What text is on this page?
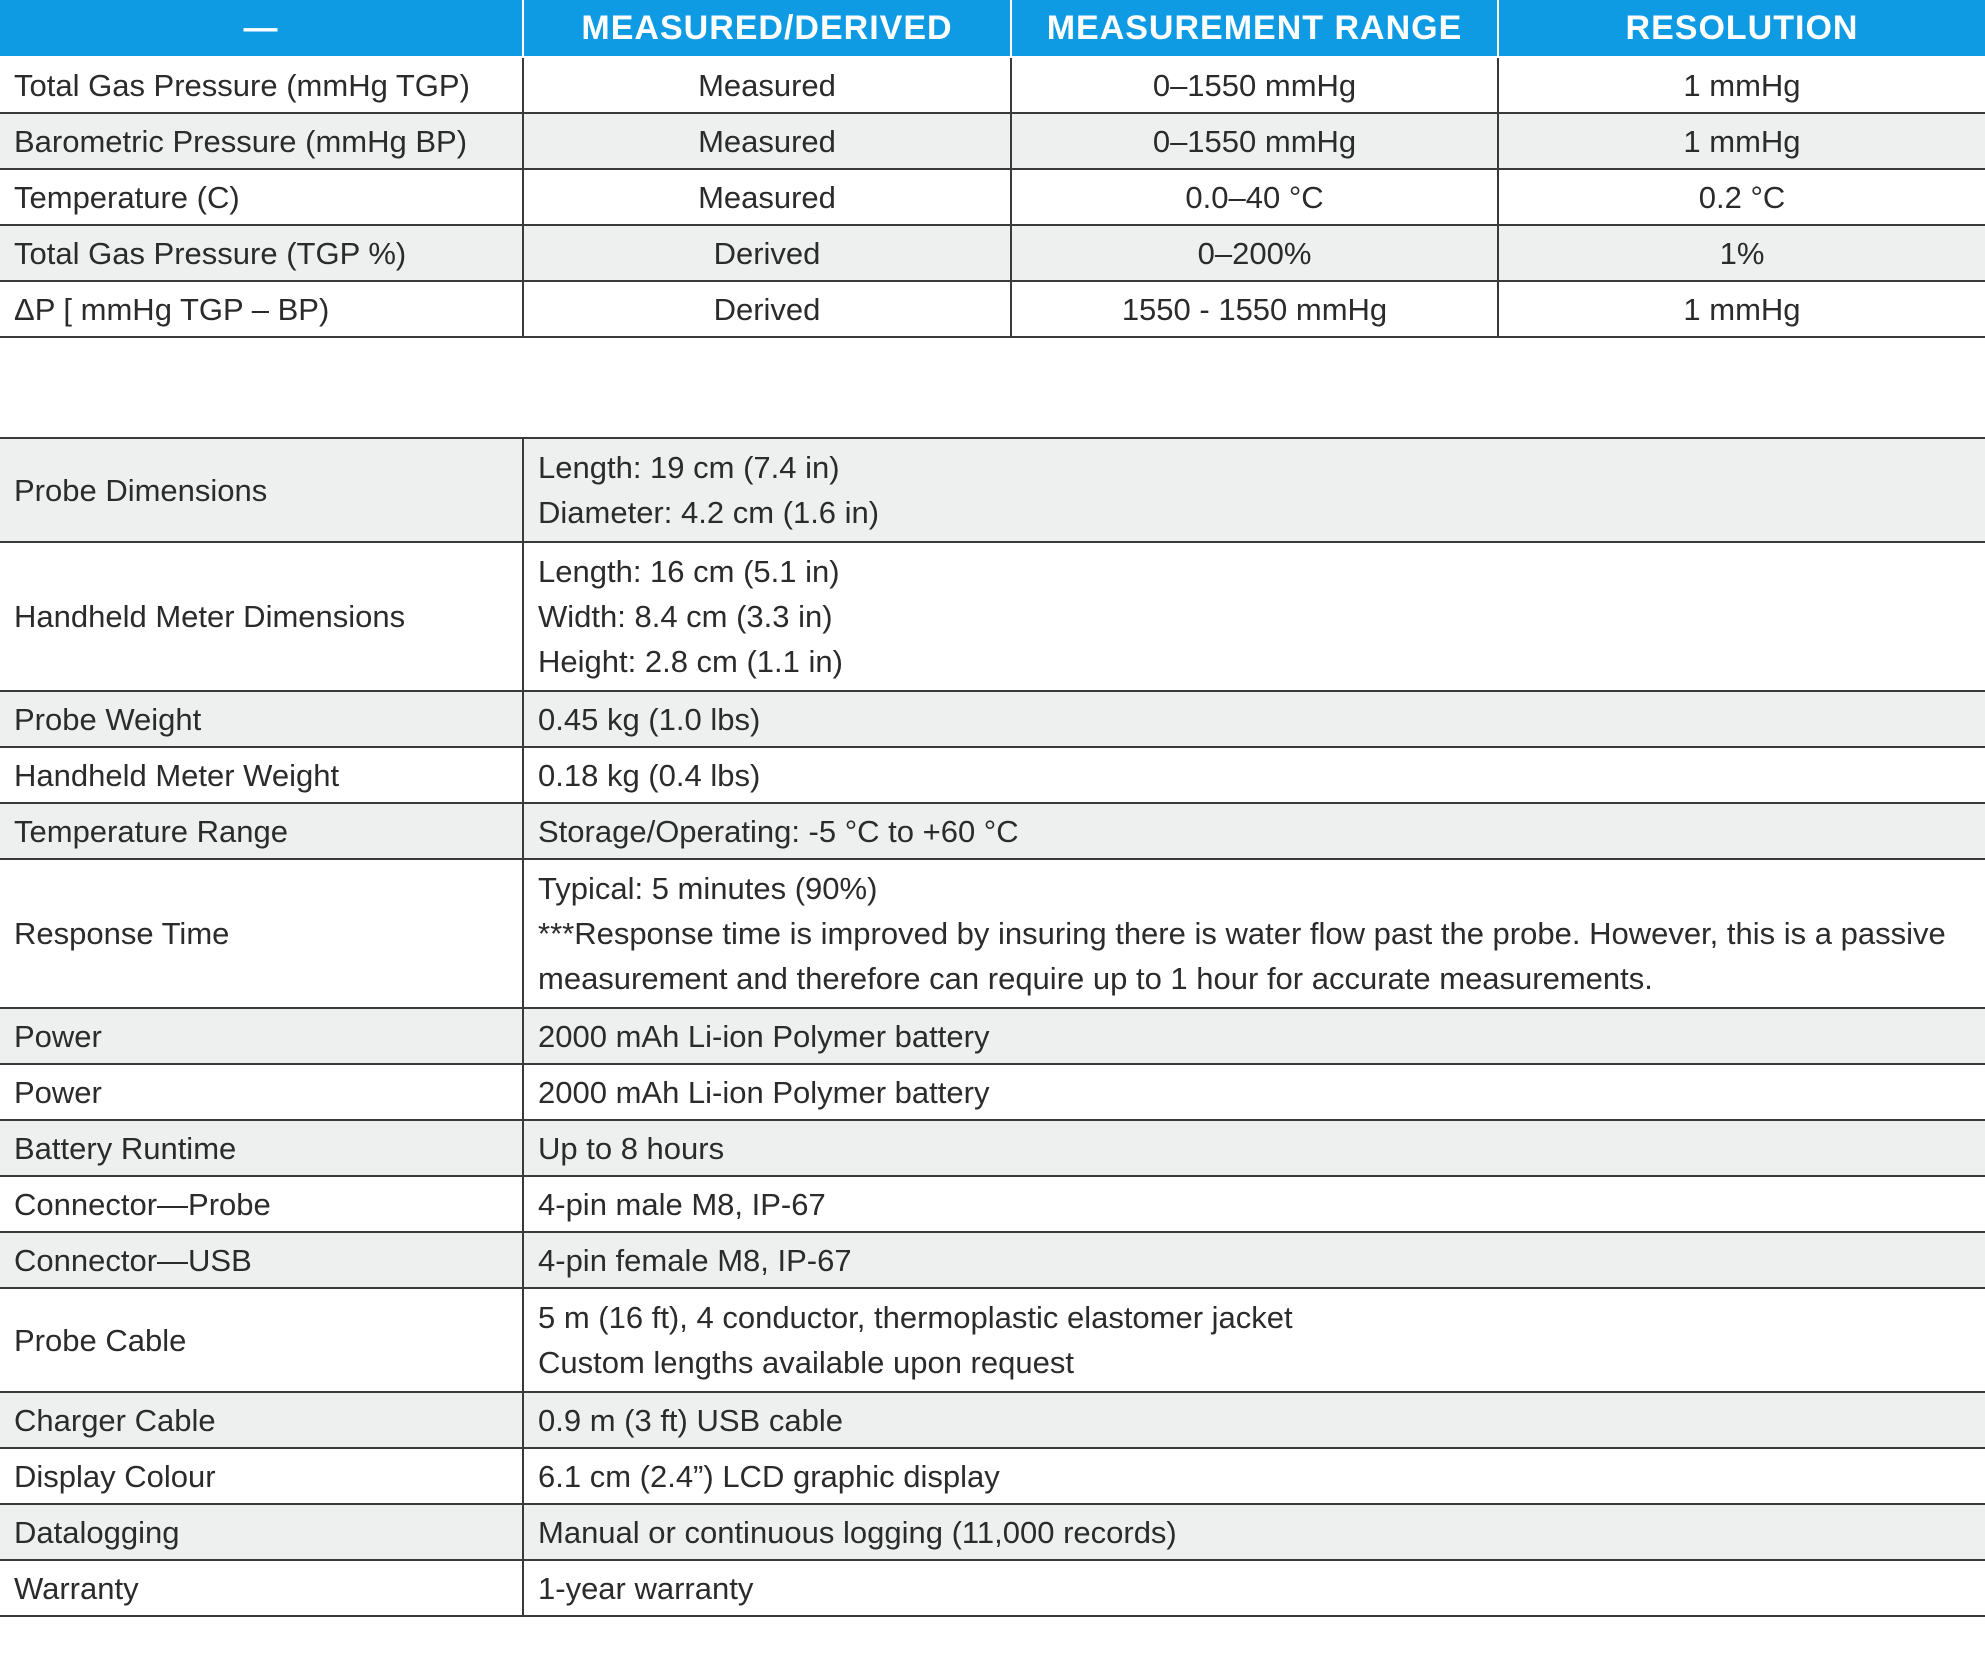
—	MEASURED/DERIVED	MEASUREMENT RANGE	RESOLUTION
Total Gas Pressure (mmHg TGP)	Measured	0–1550 mmHg	1 mmHg
Barometric Pressure (mmHg BP)	Measured	0–1550 mmHg	1 mmHg
Temperature (C)	Measured	0.0–40 °C	0.2 °C
Total Gas Pressure (TGP %)	Derived	0–200%	1%
ΔP [ mmHg TGP – BP)	Derived	1550 - 1550 mmHg	1 mmHg
Probe Dimensions	Length: 19 cm (7.4 in)
Diameter: 4.2 cm (1.6 in)

Handheld Meter Dimensions	Length: 16 cm (5.1 in)
Width: 8.4 cm (3.3 in)
Height: 2.8 cm (1.1 in)

Probe Weight	0.45 kg (1.0 lbs)

Handheld Meter Weight	0.18 kg (0.4 lbs)

Temperature Range	Storage/Operating: -5 °C to +60 °C

Response Time	Typical: 5 minutes (90%)
***Response time is improved by insuring there is water flow past the probe. However, this is a passive
measurement and therefore can require up to 1 hour for accurate measurements.

Power	2000 mAh Li-ion Polymer battery

Power	2000 mAh Li-ion Polymer battery

Battery Runtime	Up to 8 hours

Connector—Probe	4-pin male M8, IP-67

Connector—USB	4-pin female M8, IP-67

Probe Cable	5 m (16 ft), 4 conductor, thermoplastic elastomer jacket
Custom lengths available upon request

Charger Cable	0.9 m (3 ft) USB cable

Display Colour	6.1 cm (2.4”) LCD graphic display

Datalogging	Manual or continuous logging (11,000 records)

Warranty	1-year warranty
